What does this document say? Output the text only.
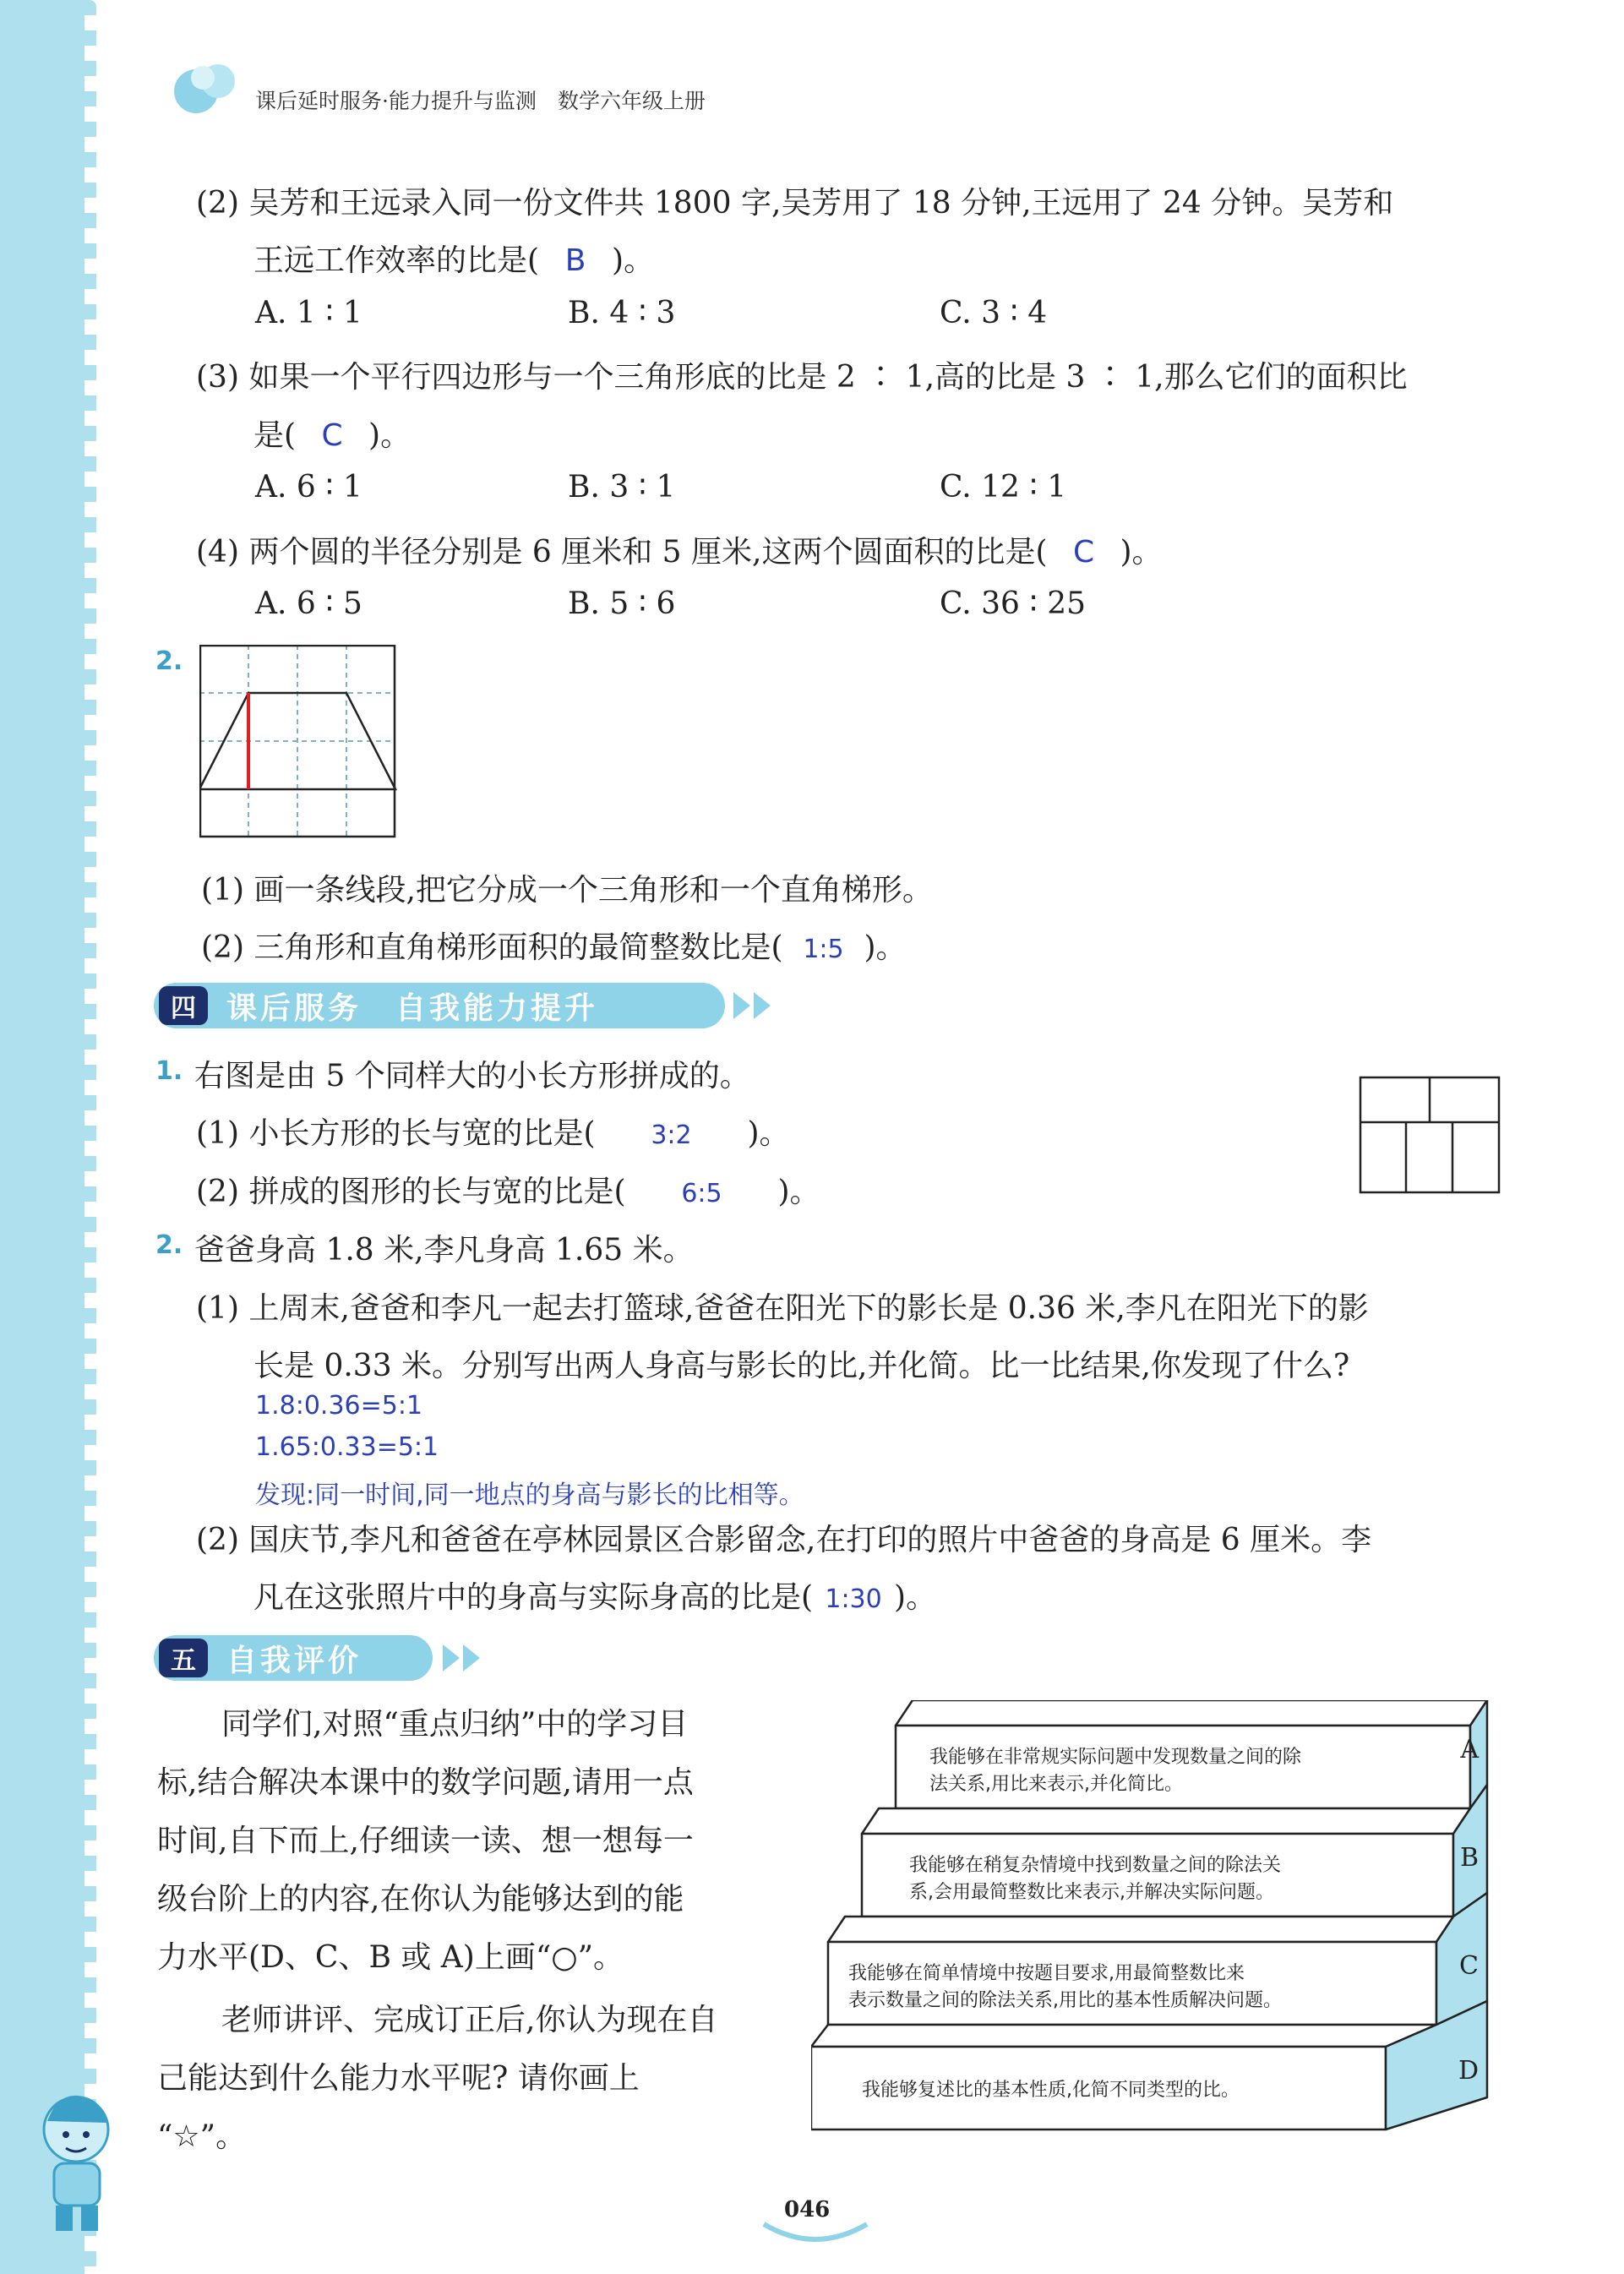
课后延时服务·能力提升与监测　数学六年级上册
(2) 吴芳和王远录入同一份文件共 1800 字,吴芳用了 18 分钟,王远用了 24 分钟。吴芳和
王远工作效率的比是( B )。
A. 1 ∶ 1	B. 4 ∶ 3	C. 3 ∶ 4
(3) 如果一个平行四边形与一个三角形底的比是 2 ∶ 1,高的比是 3 ∶ 1,那么它们的面积比
是( C )。
A. 6 ∶ 1	B. 3 ∶ 1	C. 12 ∶ 1
(4) 两个圆的半径分别是 6 厘米和 5 厘米,这两个圆面积的比是( C )。
A. 6 ∶ 5	B. 5 ∶ 6	C. 36 ∶ 25
2.
(1) 画一条线段,把它分成一个三角形和一个直角梯形。
(2) 三角形和直角梯形面积的最简整数比是( 1:5 )。
四	课后服务　自我能力提升
1. 右图是由 5 个同样大的小长方形拼成的。
(1) 小长方形的长与宽的比是( 3:2 )。
(2) 拼成的图形的长与宽的比是( 6:5 )。
2. 爸爸身高 1.8 米,李凡身高 1.65 米。
(1) 上周末,爸爸和李凡一起去打篮球,爸爸在阳光下的影长是 0.36 米,李凡在阳光下的影
长是 0.33 米。分别写出两人身高与影长的比,并化简。比一比结果,你发现了什么?
1.8:0.36=5:1
1.65:0.33=5:1
发现:同一时间,同一地点的身高与影长的比相等。
(2) 国庆节,李凡和爸爸在亭林园景区合影留念,在打印的照片中爸爸的身高是 6 厘米。李
凡在这张照片中的身高与实际身高的比是( 1:30 )。
五	自我评价
同学们,对照“重点归纳”中的学习目
标,结合解决本课中的数学问题,请用一点
时间,自下而上,仔细读一读、想一想每一
级台阶上的内容,在你认为能够达到的能
力水平(D、C、B 或 A)上画“○”。
老师讲评、完成订正后,你认为现在自
己能达到什么能力水平呢? 请你画上
“☆”。
A
我能够在非常规实际问题中发现数量之间的除
法关系,用比来表示,并化简比。
B
我能够在稍复杂情境中找到数量之间的除法关
系,会用最简整数比来表示,并解决实际问题。
C
我能够在简单情境中按题目要求,用最简整数比来
表示数量之间的除法关系,用比的基本性质解决问题。
D
我能够复述比的基本性质,化简不同类型的比。
046
